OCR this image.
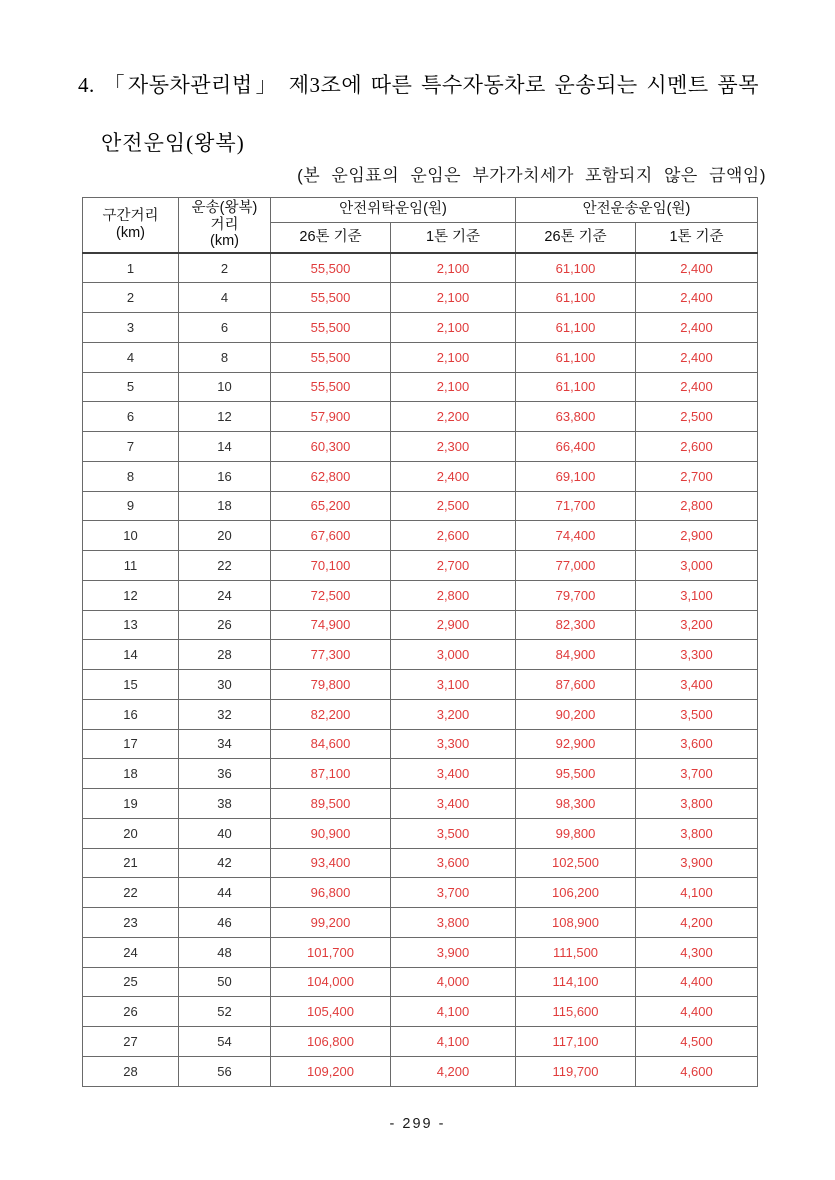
4. 「자동차관리법」 제3조에 따른 특수자동차로 운송되는 시멘트 품목
안전운임(왕복)
(본 운임표의 운임은 부가가치세가 포함되지 않은 금액임)
구간거리
(km)

운송(왕복)
거리
(km)
	안전위탁운임(원)	안전운송운임(원)
		26톤 기준	1톤 기준	26톤 기준	1톤 기준
1	2	55,500	2,100	61,100	2,400
2	4	55,500	2,100	61,100	2,400
3	6	55,500	2,100	61,100	2,400
4	8	55,500	2,100	61,100	2,400
5	10	55,500	2,100	61,100	2,400
6	12	57,900	2,200	63,800	2,500
7	14	60,300	2,300	66,400	2,600
8	16	62,800	2,400	69,100	2,700
9	18	65,200	2,500	71,700	2,800
10	20	67,600	2,600	74,400	2,900
11	22	70,100	2,700	77,000	3,000
12	24	72,500	2,800	79,700	3,100
13	26	74,900	2,900	82,300	3,200
14	28	77,300	3,000	84,900	3,300
15	30	79,800	3,100	87,600	3,400
16	32	82,200	3,200	90,200	3,500
17	34	84,600	3,300	92,900	3,600
18	36	87,100	3,400	95,500	3,700
19	38	89,500	3,400	98,300	3,800
20	40	90,900	3,500	99,800	3,800
21	42	93,400	3,600	102,500	3,900
22	44	96,800	3,700	106,200	4,100
23	46	99,200	3,800	108,900	4,200
24	48	101,700	3,900	111,500	4,300
25	50	104,000	4,000	114,100	4,400
26	52	105,400	4,100	115,600	4,400
27	54	106,800	4,100	117,100	4,500
28	56	109,200	4,200	119,700	4,600
- 299 -
